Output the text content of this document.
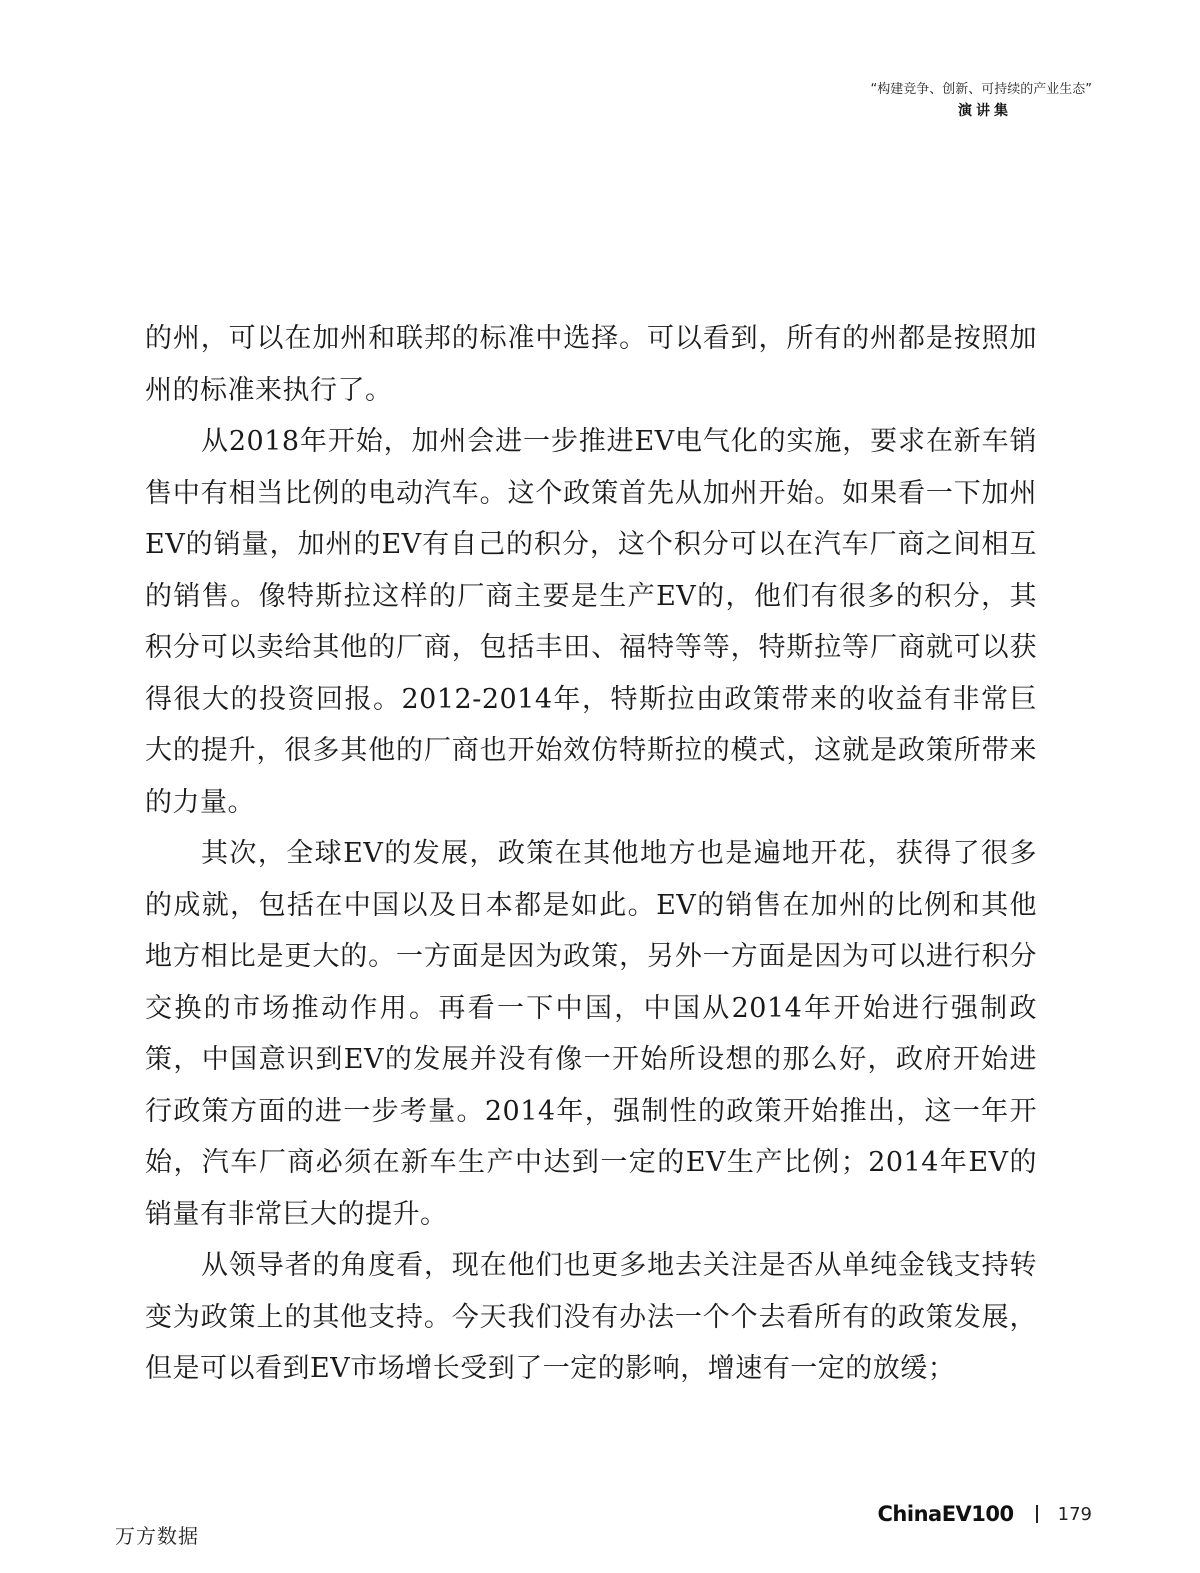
“构建竞争、创新、可持续的产业生态”
演讲集

的州，可以在加州和联邦的标准中选择。可以看到，所有的州都是按照加州的标准来执行了。

从2018年开始，加州会进一步推进EV电气化的实施，要求在新车销售中有相当比例的电动汽车。这个政策首先从加州开始。如果看一下加州EV的销量，加州的EV有自己的积分，这个积分可以在汽车厂商之间相互的销售。像特斯拉这样的厂商主要是生产EV的，他们有很多的积分，其积分可以卖给其他的厂商，包括丰田、福特等等，特斯拉等厂商就可以获得很大的投资回报。2012-2014年，特斯拉由政策带来的收益有非常巨大的提升，很多其他的厂商也开始效仿特斯拉的模式，这就是政策所带来的力量。

其次，全球EV的发展，政策在其他地方也是遍地开花，获得了很多的成就，包括在中国以及日本都是如此。EV的销售在加州的比例和其他地方相比是更大的。一方面是因为政策，另外一方面是因为可以进行积分交换的市场推动作用。再看一下中国，中国从2014年开始进行强制政策，中国意识到EV的发展并没有像一开始所设想的那么好，政府开始进行政策方面的进一步考量。2014年，强制性的政策开始推出，这一年开始，汽车厂商必须在新车生产中达到一定的EV生产比例；2014年EV的销量有非常巨大的提升。

从领导者的角度看，现在他们也更多地去关注是否从单纯金钱支持转变为政策上的其他支持。今天我们没有办法一个个去看所有的政策发展，但是可以看到EV市场增长受到了一定的影响，增速有一定的放缓；

万方数据
ChinaEV100 179
